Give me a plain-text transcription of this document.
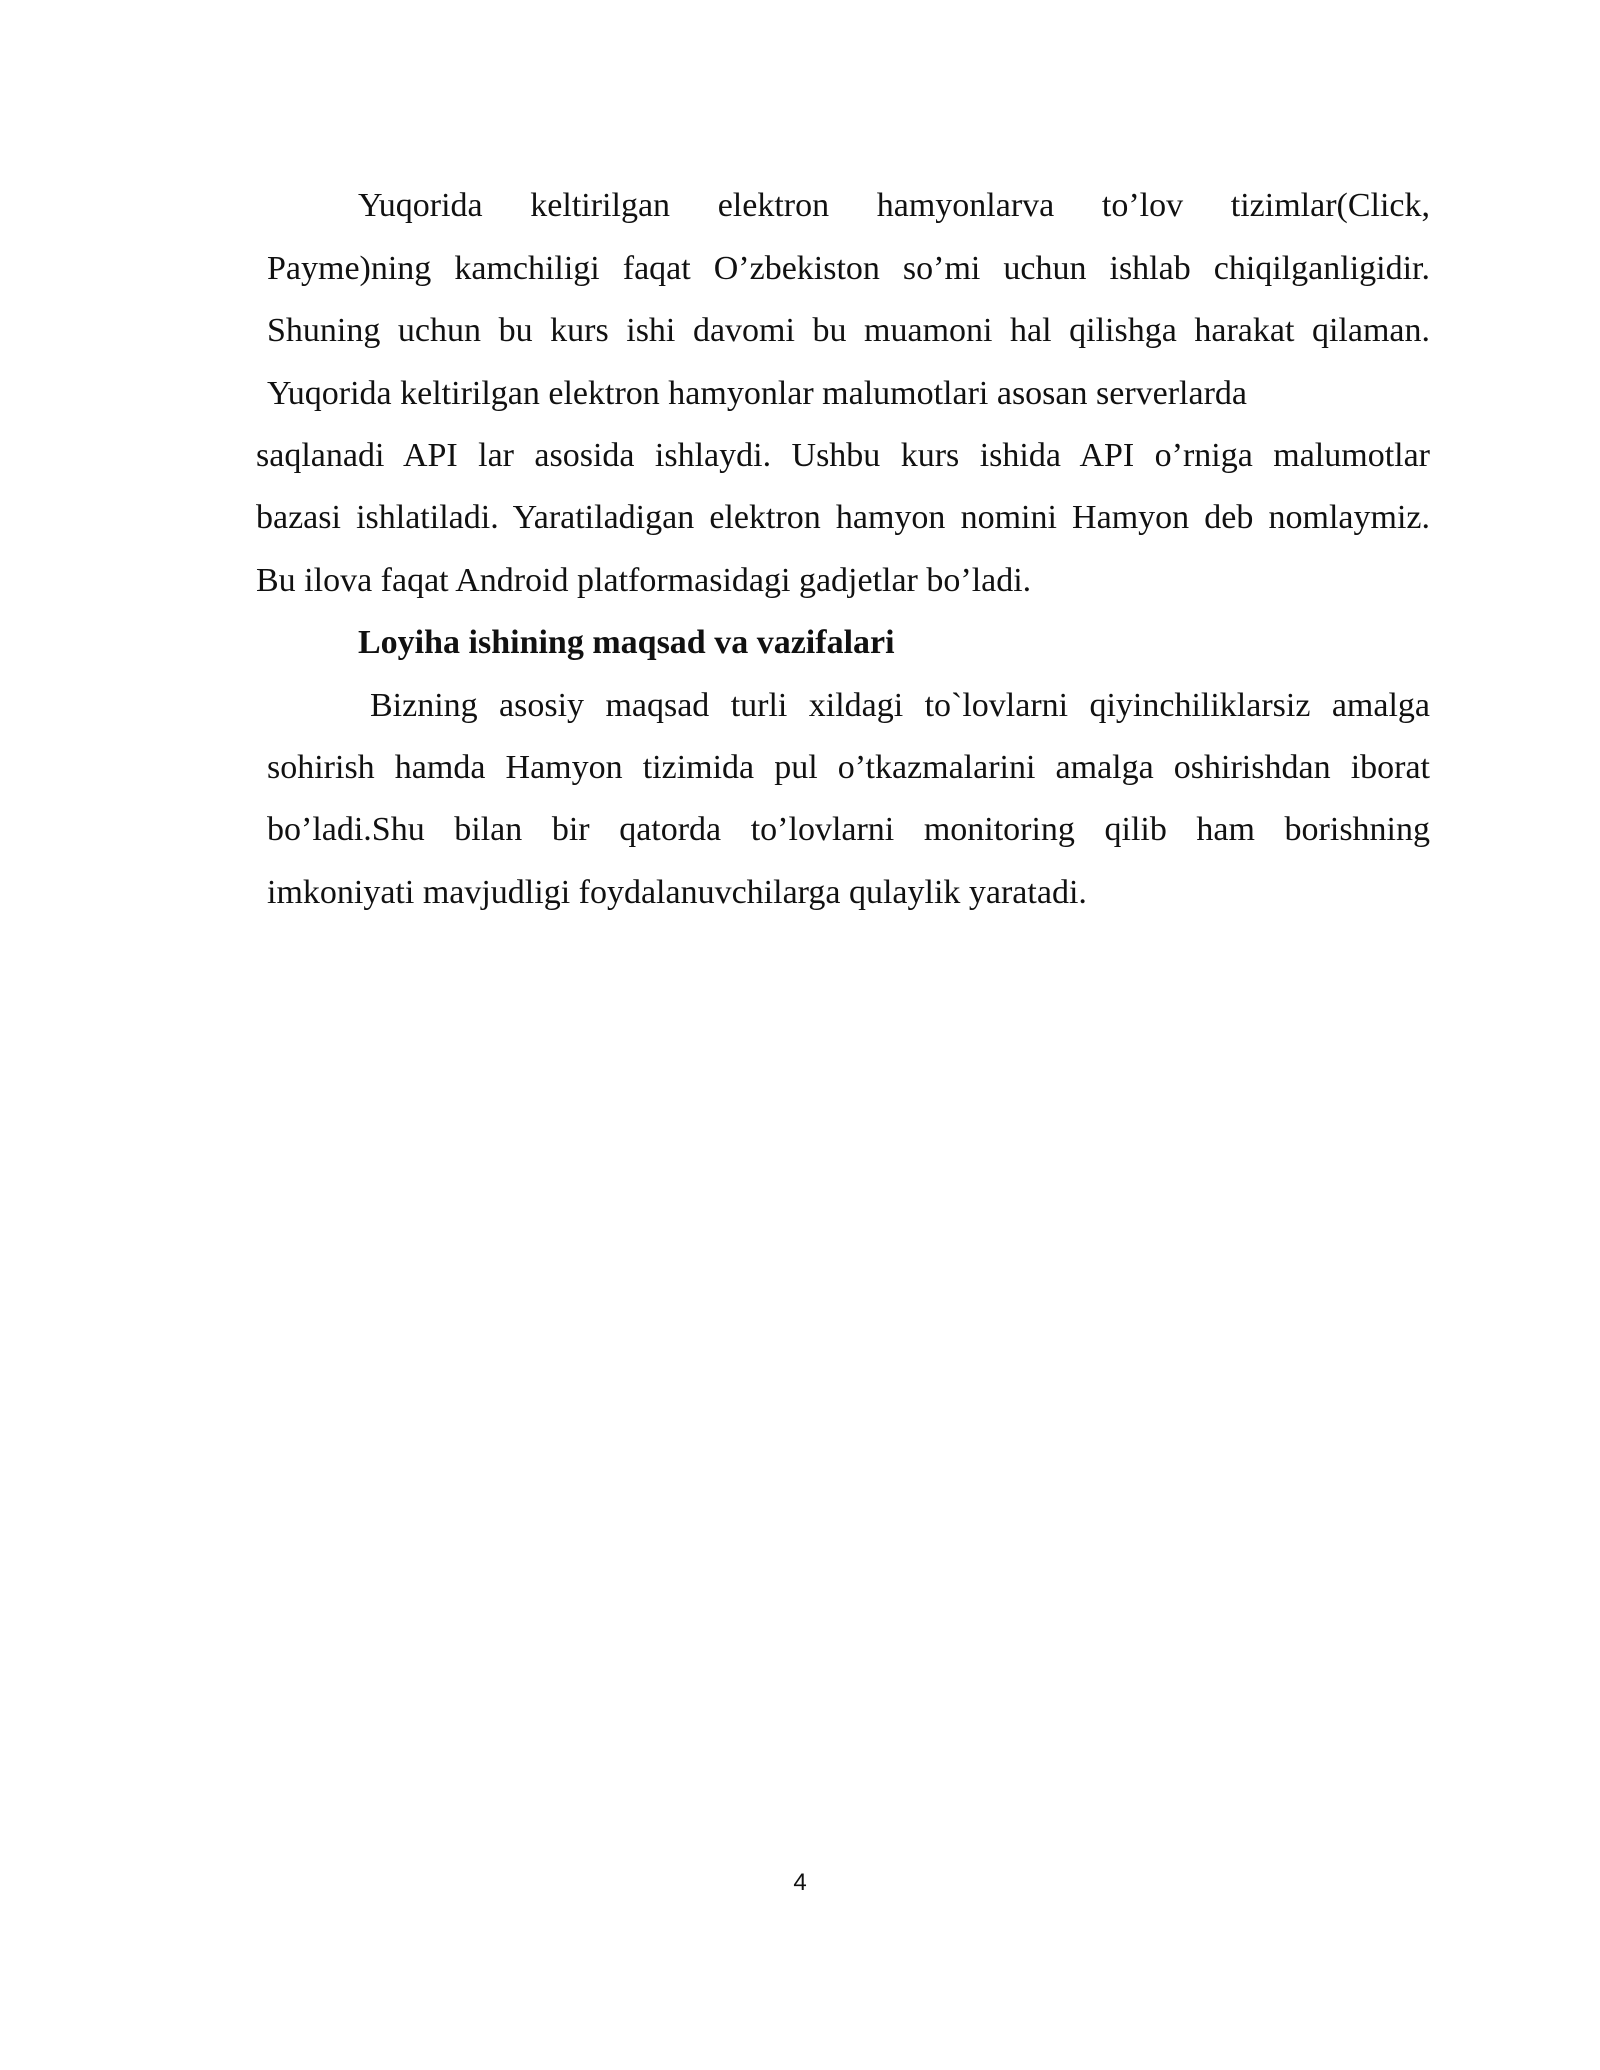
Yuqorida keltirilgan elektron hamyonlarva to’lov tizimlar(Click,
Payme)ning kamchiligi faqat O’zbekiston so’mi uchun ishlab chiqilganligidir.
Shuning uchun bu kurs ishi davomi bu muamoni hal qilishga harakat qilaman.
Yuqorida keltirilgan elektron hamyonlar malumotlari asosan serverlarda
saqlanadi API lar asosida ishlaydi. Ushbu kurs ishida API o’rniga malumotlar
bazasi ishlatiladi. Yaratiladigan elektron hamyon nomini Hamyon deb nomlaymiz.
Bu ilova faqat Android platformasidagi gadjetlar bo’ladi.
Loyiha ishining maqsad va vazifalari
Bizning asosiy maqsad turli xildagi to`lovlarni qiyinchiliklarsiz amalga
sohirish hamda Hamyon tizimida pul o’tkazmalarini amalga oshirishdan iborat
bo’ladi.Shu bilan bir qatorda to’lovlarni monitoring qilib ham borishning
imkoniyati mavjudligi foydalanuvchilarga qulaylik yaratadi.
4
